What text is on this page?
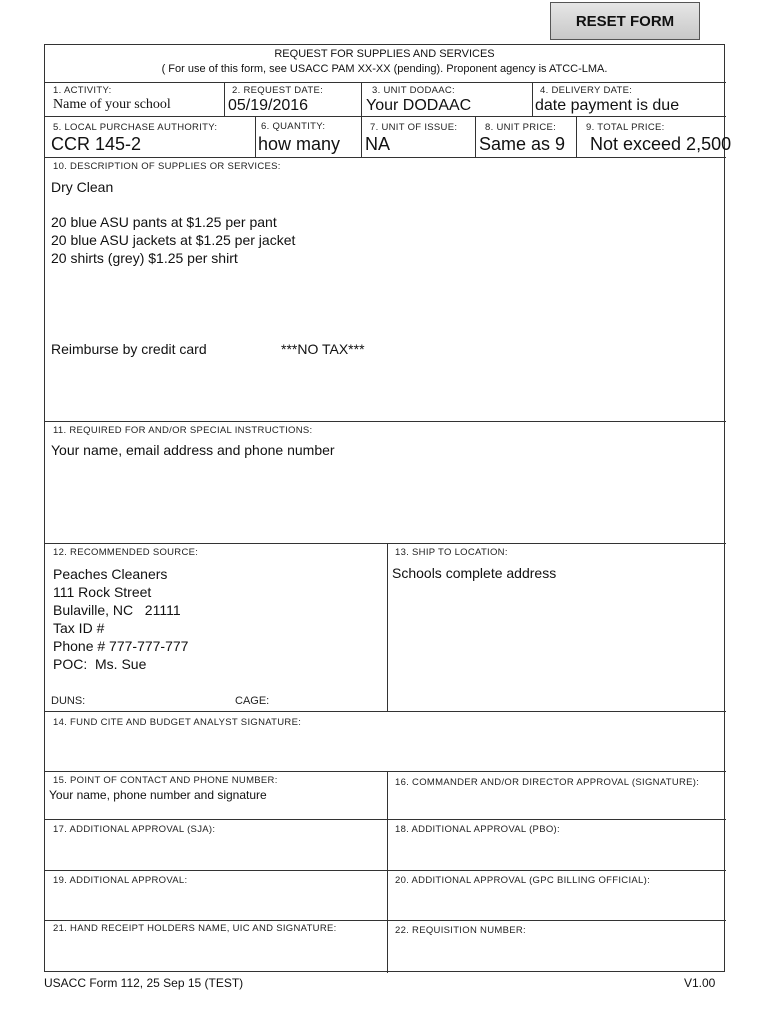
RESET FORM
REQUEST FOR SUPPLIES AND SERVICES
( For use of this form, see USACC PAM XX-XX (pending). Proponent agency is ATCC-LMA.
1. ACTIVITY:
Name of your school
2. REQUEST DATE:
05/19/2016
3. UNIT DODAAC:
Your DODAAC
4. DELIVERY DATE:
date payment is due
5. LOCAL PURCHASE AUTHORITY:
CCR 145-2
6. QUANTITY:
how many
7. UNIT OF ISSUE:
NA
8. UNIT PRICE:
Same as 9
9. TOTAL PRICE:
Not exceed 2,500
10. DESCRIPTION OF SUPPLIES OR SERVICES:
Dry Clean
20 blue ASU pants at $1.25 per pant
20 blue ASU jackets at $1.25 per jacket
20 shirts (grey) $1.25 per shirt
Reimburse by credit card	***NO TAX***
11. REQUIRED FOR AND/OR SPECIAL INSTRUCTIONS:
Your name, email address and phone number
12. RECOMMENDED SOURCE:
Peaches Cleaners
111 Rock Street
Bulaville, NC   21111
Tax ID #
Phone # 777-777-777
POC:  Ms. Sue
DUNS:	CAGE:
13. SHIP TO LOCATION:
Schools complete address
14. FUND CITE AND BUDGET ANALYST SIGNATURE:
15. POINT OF CONTACT AND PHONE NUMBER:
Your name, phone number and signature
16. COMMANDER AND/OR DIRECTOR APPROVAL (SIGNATURE):
17. ADDITIONAL APPROVAL (SJA):	18. ADDITIONAL APPROVAL (PBO):
19. ADDITIONAL APPROVAL:	20. ADDITIONAL APPROVAL (GPC BILLING OFFICIAL):
21. HAND RECEIPT HOLDERS NAME, UIC AND SIGNATURE:	22. REQUISITION NUMBER:
USACC Form 112, 25 Sep 15 (TEST)	V1.00
